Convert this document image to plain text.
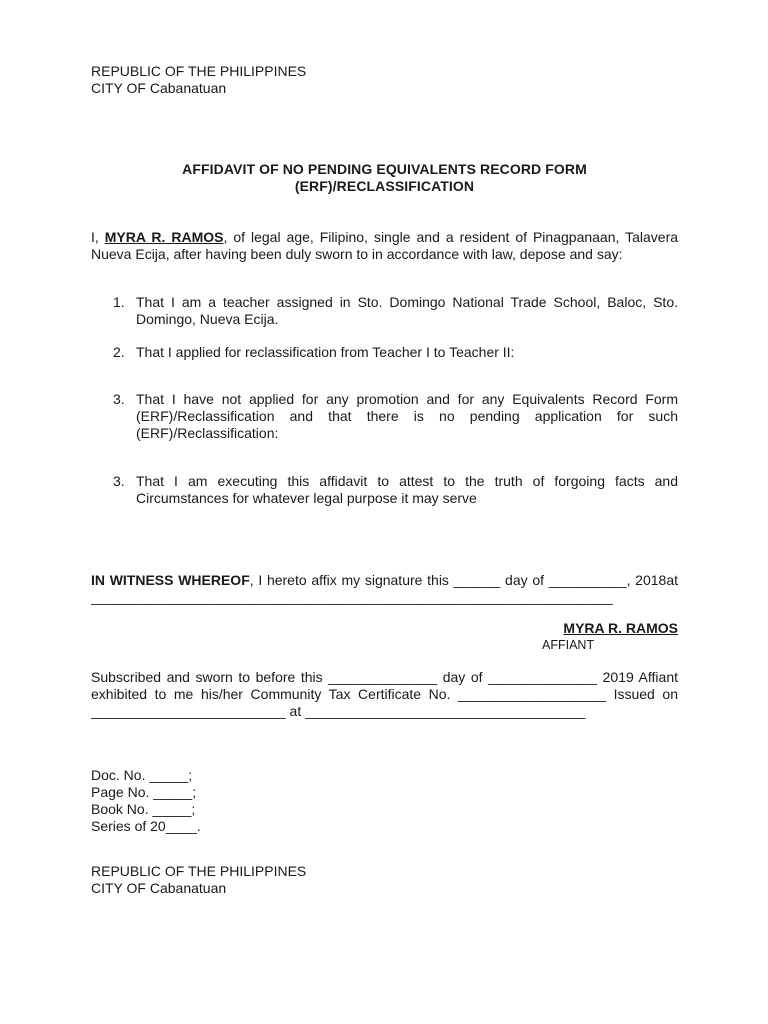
REPUBLIC OF THE PHILIPPINES
CITY OF Cabanatuan
AFFIDAVIT OF NO PENDING EQUIVALENTS RECORD FORM (ERF)/RECLASSIFICATION
I, MYRA R. RAMOS, of legal age, Filipino, single and a resident of Pinagpanaan, Talavera
Nueva Ecija, after having been duly sworn to in accordance with law, depose and say:
1. That I am a teacher assigned in Sto. Domingo National Trade School, Baloc, Sto.
Domingo, Nueva Ecija.
2. That I applied for reclassification from Teacher I to Teacher II:
3. That I have not applied for any promotion and for any Equivalents Record Form
(ERF)/Reclassification and that there is no pending application for such
(ERF)/Reclassification:
3. That I am executing this affidavit to attest to the truth of forgoing facts and
Circumstances for whatever legal purpose it may serve
IN WITNESS WHEREOF, I hereto affix my signature this ______ day of __________, 2018at
___________________________________________________________________
MYRA R. RAMOS
AFFIANT
Subscribed and sworn to before this ______________ day of ______________ 2019 Affiant
exhibited to me his/her Community Tax Certificate No. ___________________ Issued on
_________________________ at ____________________________________
Doc. No. _____;
Page No. _____;
Book No. _____;
Series of 20____.
REPUBLIC OF THE PHILIPPINES
CITY OF Cabanatuan
